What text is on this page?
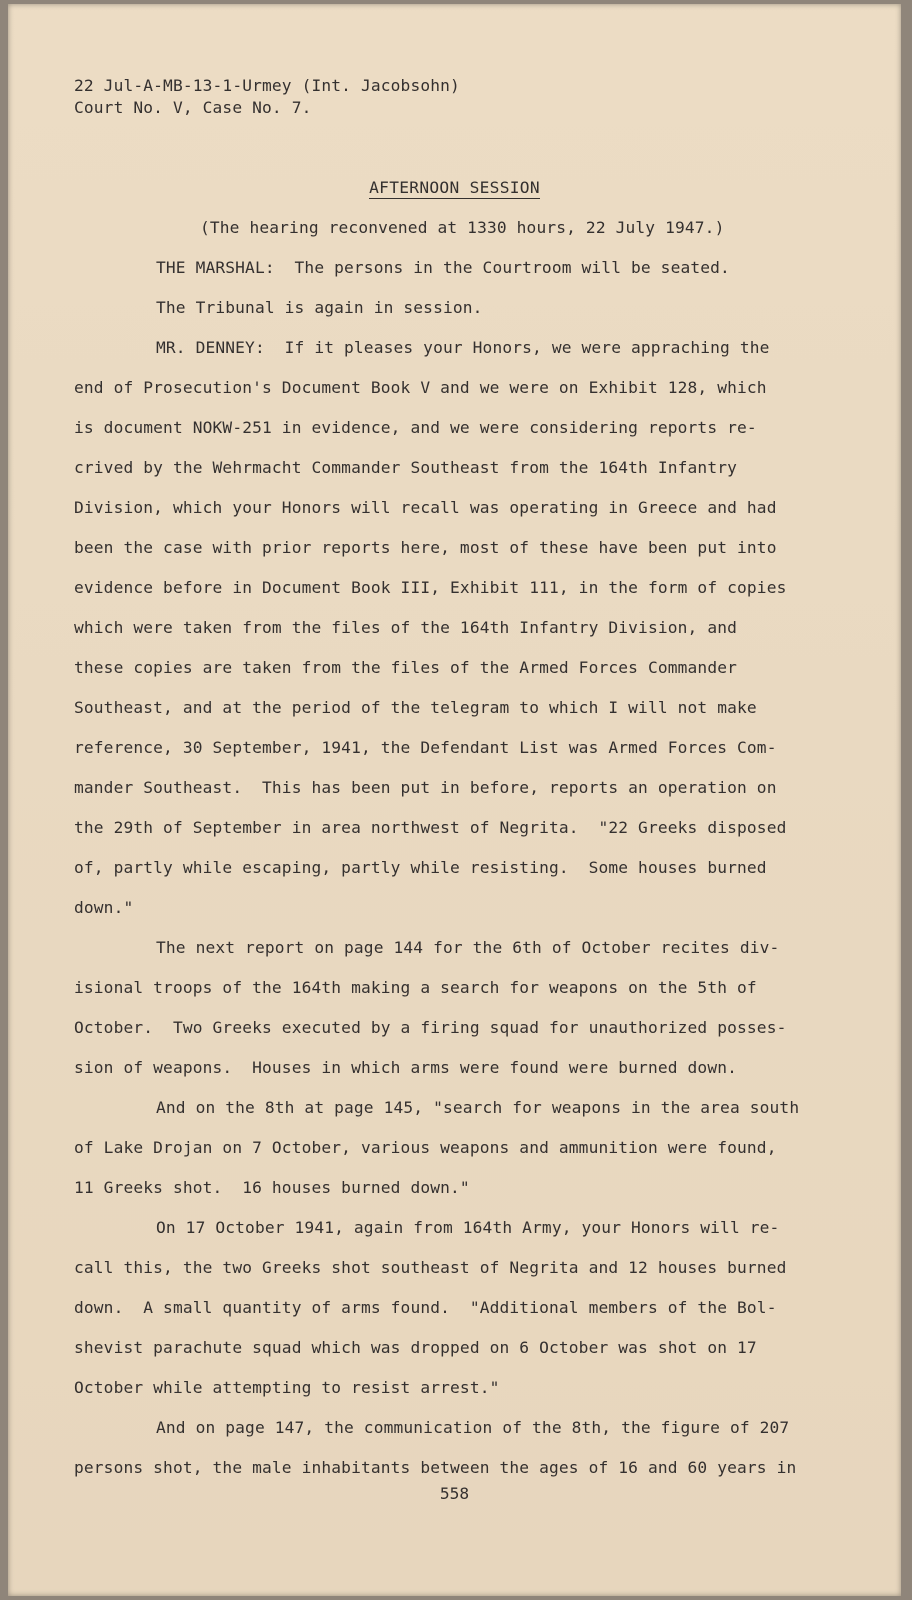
22 Jul-A-MB-13-1-Urmey (Int. Jacobsohn)
Court No. V, Case No. 7.
AFTERNOON SESSION
(The hearing reconvened at 1330 hours, 22 July 1947.)
THE MARSHAL:  The persons in the Courtroom will be seated.
The Tribunal is again in session.
MR. DENNEY:  If it pleases your Honors, we were appraching the
end of Prosecution's Document Book V and we were on Exhibit 128, which
is document NOKW-251 in evidence, and we were considering reports re-
crived by the Wehrmacht Commander Southeast from the 164th Infantry
Division, which your Honors will recall was operating in Greece and had
been the case with prior reports here, most of these have been put into
evidence before in Document Book III, Exhibit 111, in the form of copies
which were taken from the files of the 164th Infantry Division, and
these copies are taken from the files of the Armed Forces Commander
Southeast, and at the period of the telegram to which I will not make
reference, 30 September, 1941, the Defendant List was Armed Forces Com-
mander Southeast.  This has been put in before, reports an operation on
the 29th of September in area northwest of Negrita.  "22 Greeks disposed
of, partly while escaping, partly while resisting.  Some houses burned
down."
The next report on page 144 for the 6th of October recites div-
isional troops of the 164th making a search for weapons on the 5th of
October.  Two Greeks executed by a firing squad for unauthorized posses-
sion of weapons.  Houses in which arms were found were burned down.
And on the 8th at page 145, "search for weapons in the area south
of Lake Drojan on 7 October, various weapons and ammunition were found,
11 Greeks shot.  16 houses burned down."
On 17 October 1941, again from 164th Army, your Honors will re-
call this, the two Greeks shot southeast of Negrita and 12 houses burned
down.  A small quantity of arms found.  "Additional members of the Bol-
shevist parachute squad which was dropped on 6 October was shot on 17
October while attempting to resist arrest."
And on page 147, the communication of the 8th, the figure of 207
persons shot, the male inhabitants between the ages of 16 and 60 years in
558
